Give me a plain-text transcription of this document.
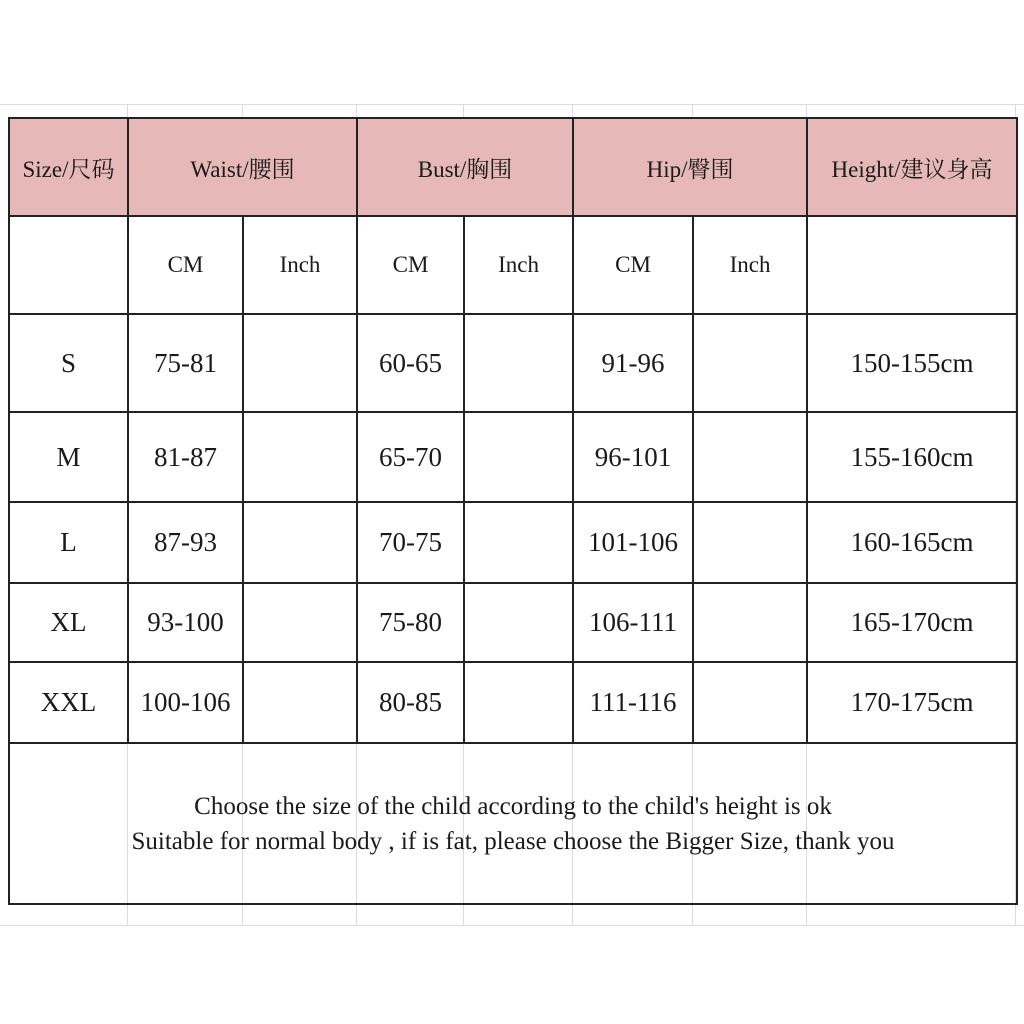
Size/尺码	Waist/腰围		Bust/胸围		Hip/臀围		Height/建议身高
	CM	Inch	CM	Inch	CM	Inch	
S	75-81		60-65		91-96		150-155cm
M	81-87		65-70		96-101		155-160cm
L	87-93		70-75		101-106		160-165cm
XL	93-100		75-80		106-111		165-170cm
XXL	100-106		80-85		111-116		170-175cm

Choose the size of the child according to the child's height is ok
Suitable for normal body , if is fat, please choose the Bigger Size, thank you							
